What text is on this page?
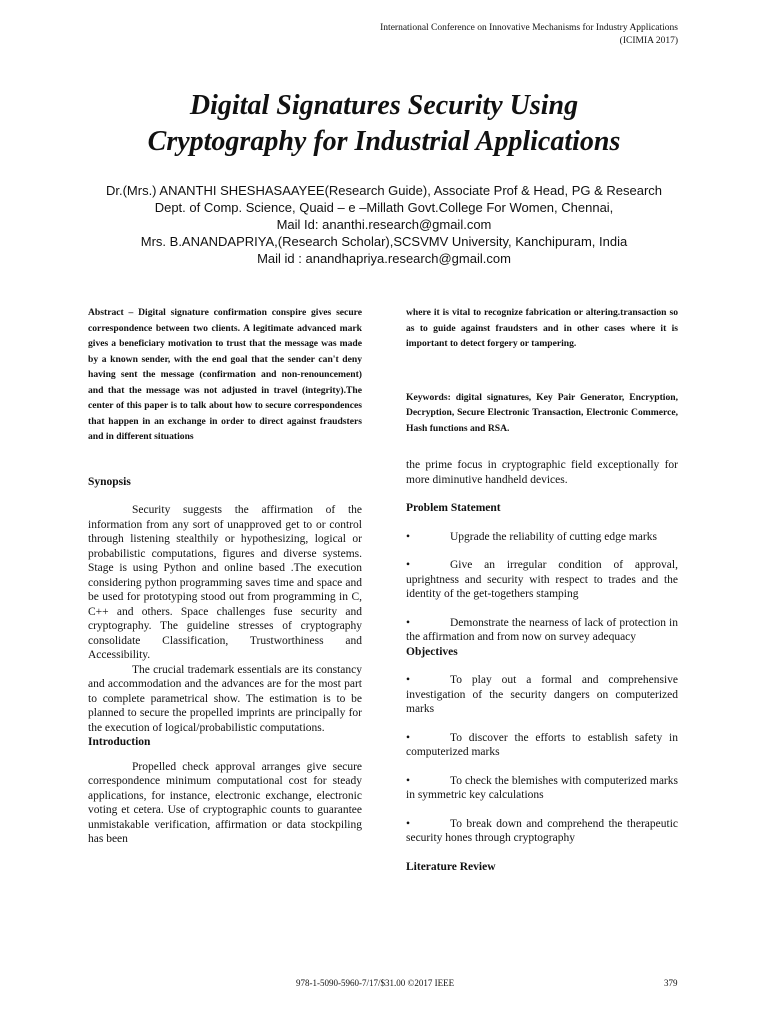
International Conference on Innovative Mechanisms for Industry Applications
(ICIMIA 2017)
Digital Signatures Security Using
Cryptography for Industrial Applications
Dr.(Mrs.) ANANTHI SHESHASAAYEE(Research Guide), Associate Prof & Head, PG & Research
Dept. of Comp. Science, Quaid – e –Millath Govt.College For Women, Chennai,
Mail Id: ananthi.research@gmail.com
Mrs. B.ANANDAPRIYA,(Research Scholar),SCSVMV University, Kanchipuram, India
Mail id : anandhapriya.research@gmail.com

Abstract – Digital signature confirmation conspire gives secure correspondence between two clients. A legitimate advanced mark gives a beneficiary motivation to trust that the message was made by a known sender, with the end goal that the sender can't deny having sent the message (confirmation and non-renouncement) and that the message was not adjusted in travel (integrity).The center of this paper is to talk about how to secure correspondences that happen in an exchange in order to direct against fraudsters and in different situations

Synopsis

Security suggests the affirmation of the information from any sort of unapproved get to or control through listening stealthily or hypothesizing, logical or probabilistic computations, figures and diverse systems. Stage is using Python and online based .The execution considering python programming saves time and space and be used for prototyping stood out from programming in C, C++ and others. Space challenges fuse security and cryptography. The guideline stresses of cryptography consolidate Classification, Trustworthiness and Accessibility.

The crucial trademark essentials are its constancy and accommodation and the advances are for the most part to complete parametrical show. The estimation is to be planned to secure the propelled imprints are principally for the execution of logical/probabilistic computations.

Introduction

Propelled check approval arranges give secure correspondence minimum computational cost for steady applications, for instance, electronic exchange, electronic voting et cetera. Use of cryptographic counts to guarantee unmistakable verification, affirmation or data stockpiling has been

where it is vital to recognize fabrication or altering.transaction so as to guide against fraudsters and in other cases where it is important to detect forgery or tampering.

Keywords: digital signatures, Key Pair Generator, Encryption, Decryption, Secure Electronic Transaction, Electronic Commerce, Hash functions and RSA.

the prime focus in cryptographic field exceptionally for more diminutive handheld devices.

Problem Statement

•	Upgrade the reliability of cutting edge marks

•	Give an irregular condition of approval, uprightness and security with respect to trades and the identity of the get-togethers stamping

•	Demonstrate the nearness of lack of protection in the affirmation and from now on survey adequacy

Objectives

•	To play out a formal and comprehensive investigation of the security dangers on computerized marks

•	To discover the efforts to establish safety in computerized marks

•	To check the blemishes with computerized marks in symmetric key calculations

•	To break down and comprehend the therapeutic security hones through cryptography

Literature Review

978-1-5090-5960-7/17/$31.00 ©2017 IEEE	379
